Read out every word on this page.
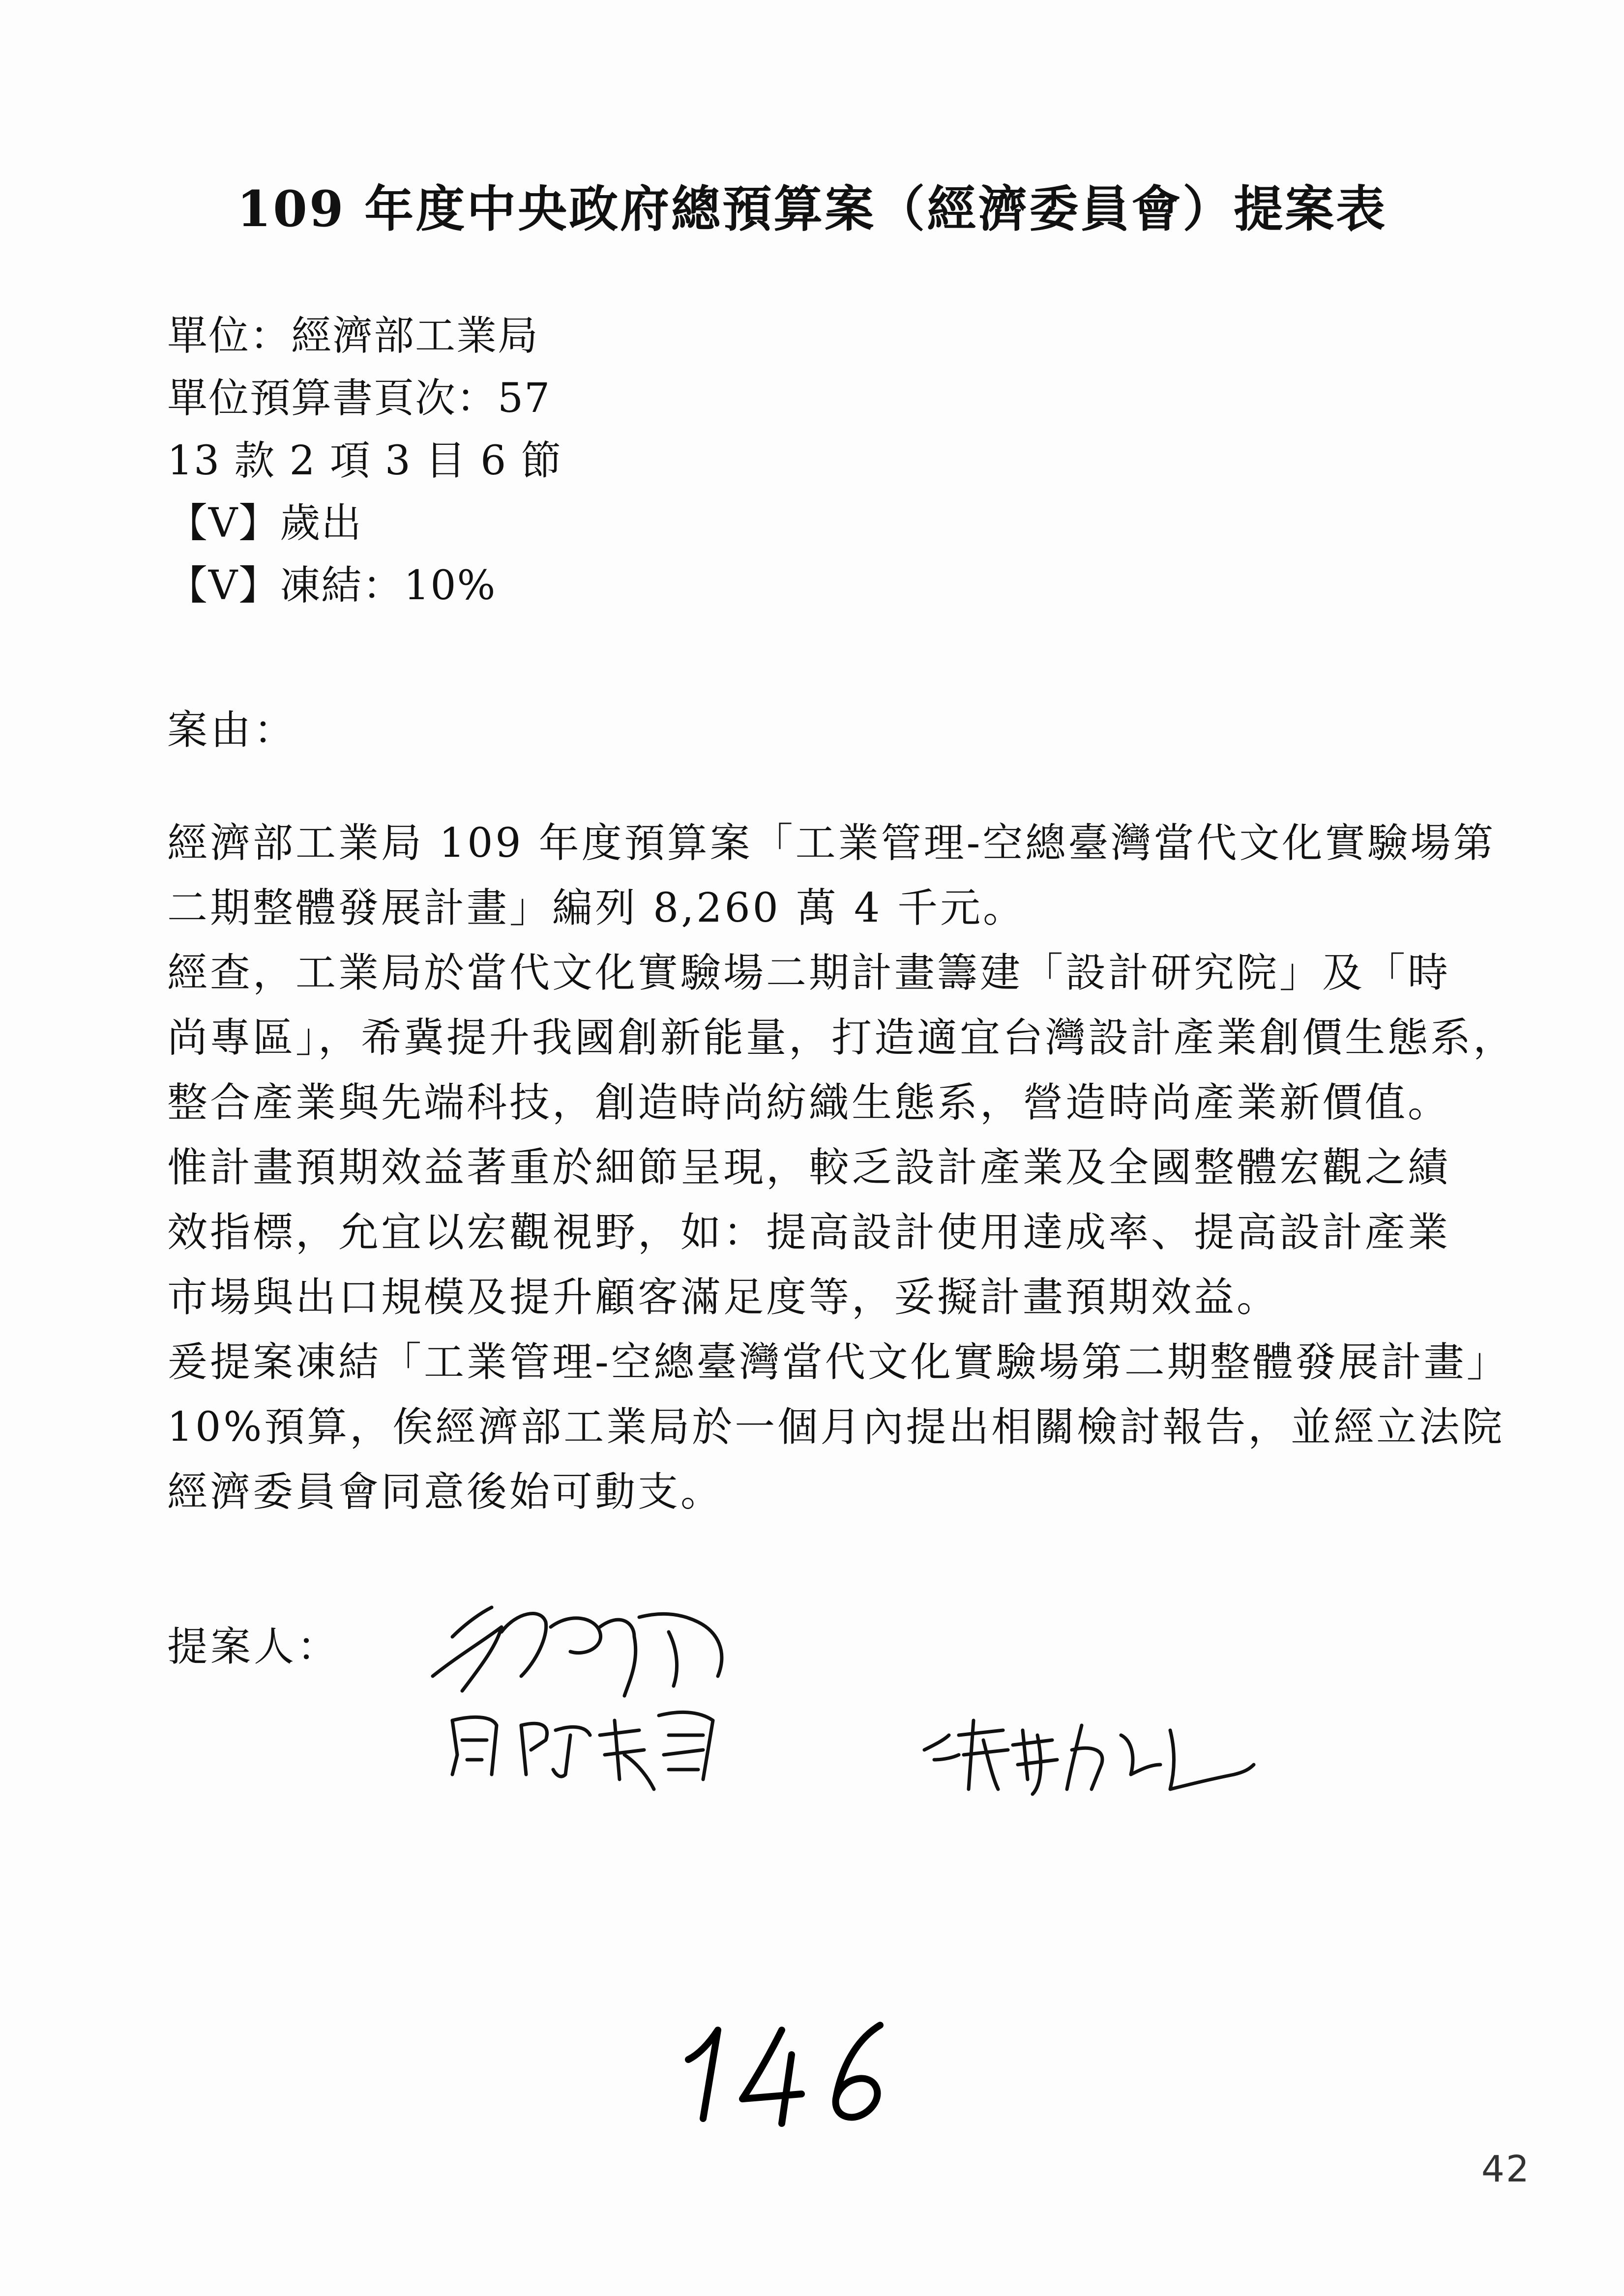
109 年度中央政府總預算案（經濟委員會）提案表
單位：經濟部工業局
單位預算書頁次：57
13 款 2 項 3 目 6 節
【V】歲出
【V】凍結：10%
案由：
經濟部工業局 109 年度預算案「工業管理-空總臺灣當代文化實驗場第
二期整體發展計畫」編列 8,260 萬 4 千元。
經查，工業局於當代文化實驗場二期計畫籌建「設計研究院」及「時
尚專區」，希冀提升我國創新能量，打造適宜台灣設計產業創價生態系，
整合產業與先端科技，創造時尚紡織生態系，營造時尚產業新價值。
惟計畫預期效益著重於細節呈現，較乏設計產業及全國整體宏觀之績
效指標，允宜以宏觀視野，如：提高設計使用達成率、提高設計產業
市場與出口規模及提升顧客滿足度等，妥擬計畫預期效益。
爰提案凍結「工業管理-空總臺灣當代文化實驗場第二期整體發展計畫」
10%預算，俟經濟部工業局於一個月內提出相關檢討報告，並經立法院
經濟委員會同意後始可動支。
提案人：
42
